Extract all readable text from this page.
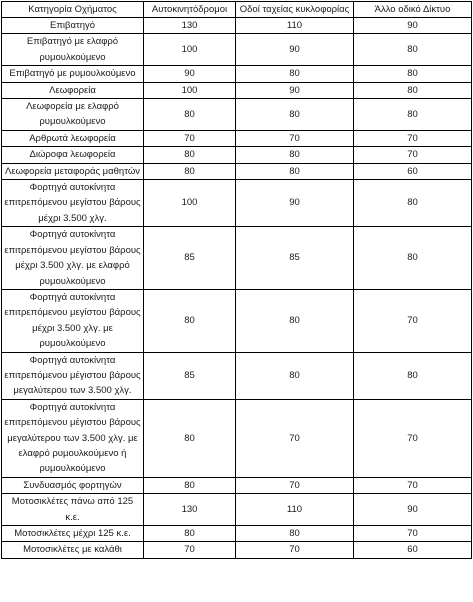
Κατηγορία Οχήματος	Αυτοκινητόδρομοι	Οδοί ταχείας κυκλοφορίας	Άλλο οδικό Δίκτυο
Επιβατηγό	130	110	90
Επιβατηγό με ελαφρό ρυμουλκούμενο	100	90	80
Επιβατηγό με ρυμουλκούμενο	90	80	80
Λεωφορεία	100	90	80
Λεωφορεία με ελαφρό ρυμουλκούμενο	80	80	80
Αρθρωτά λεωφορεία	70	70	70
Διώροφα λεωφορεία	80	80	70
Λεωφορεία μεταφοράς μαθητών	80	80	60
Φορτηγά αυτοκίνητα επιτρεπόμενου μεγίστου βάρους μέχρι 3.500 χλγ.	100	90	80
Φορτηγά αυτοκίνητα επιτρεπόμενου μεγίστου βάρους μέχρι 3.500 χλγ. με ελαφρό ρυμουλκούμενο	85	85	80
Φορτηγά αυτοκίνητα επιτρεπόμενου μεγίστου βάρους μέχρι 3.500 χλγ. με ρυμουλκούμενο	80	80	70
Φορτηγά αυτοκίνητα επιτρεπόμενου μέγιστου βάρους μεγαλύτερου των 3.500 χλγ.	85	80	80
Φορτηγά αυτοκίνητα επιτρεπόμενου μέγιστου βάρους μεγαλύτερου των 3.500 χλγ. με ελαφρό ρυμουλκούμενο ή ρυμουλκούμενο	80	70	70
Συνδυασμός φορτηγών	80	70	70
Μοτοσικλέτες πάνω από 125 κ.ε.	130	110	90
Μοτοσικλέτες μέχρι 125 κ.ε.	80	80	70
Μοτοσικλέτες με καλάθι	70	70	60
